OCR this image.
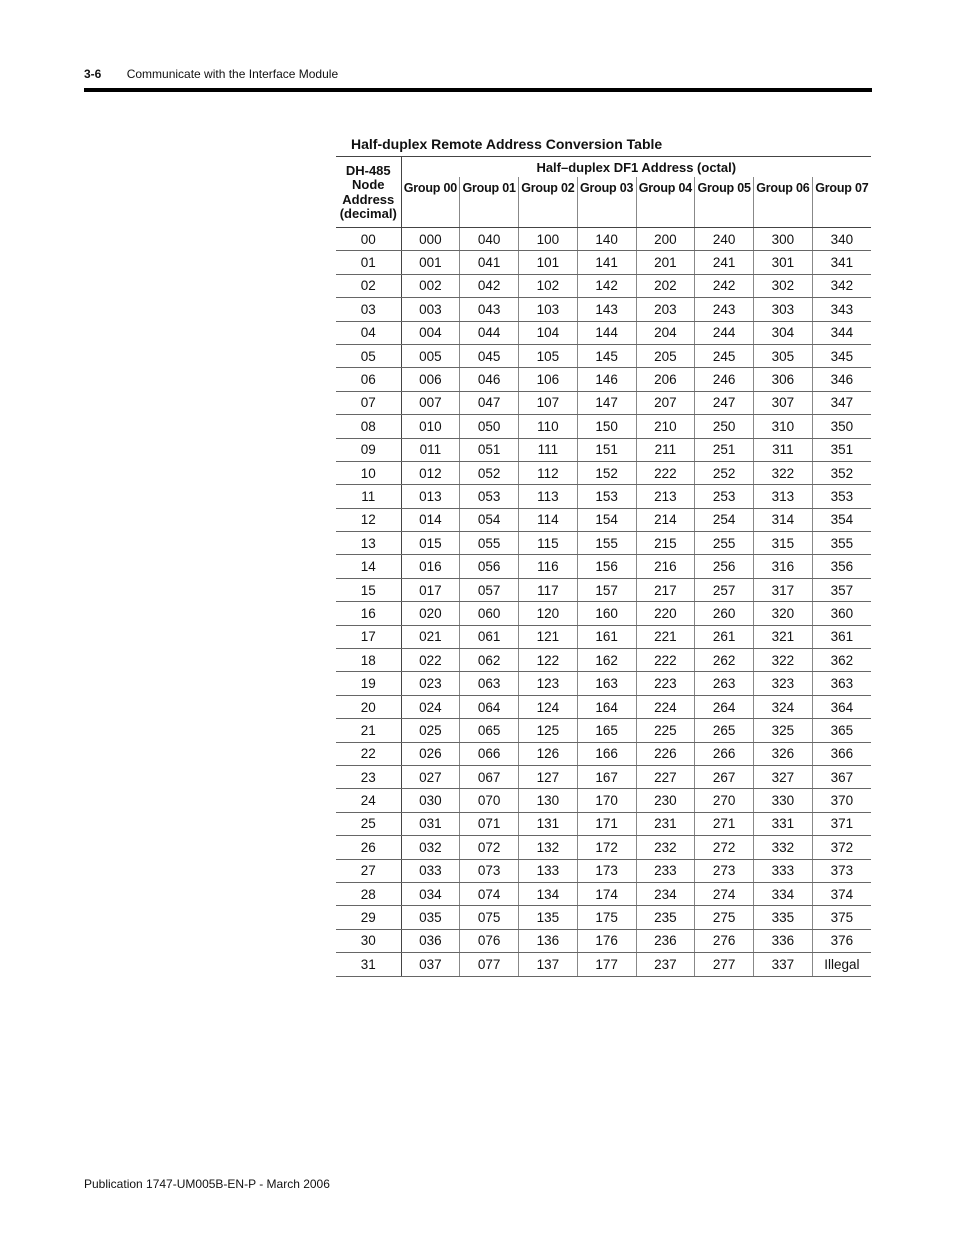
3-6 Communicate with the Interface Module
Half-duplex Remote Address Conversion Table
DH-485
Node
Address
(decimal)	Half–duplex DF1 Address (octal)							
	Group 00	Group 01	Group 02	Group 03	Group 04	Group 05	Group 06	Group 07
00	000	040	100	140	200	240	300	340
01	001	041	101	141	201	241	301	341
02	002	042	102	142	202	242	302	342
03	003	043	103	143	203	243	303	343
04	004	044	104	144	204	244	304	344
05	005	045	105	145	205	245	305	345
06	006	046	106	146	206	246	306	346
07	007	047	107	147	207	247	307	347
08	010	050	110	150	210	250	310	350
09	011	051	111	151	211	251	311	351
10	012	052	112	152	222	252	322	352
11	013	053	113	153	213	253	313	353
12	014	054	114	154	214	254	314	354
13	015	055	115	155	215	255	315	355
14	016	056	116	156	216	256	316	356
15	017	057	117	157	217	257	317	357
16	020	060	120	160	220	260	320	360
17	021	061	121	161	221	261	321	361
18	022	062	122	162	222	262	322	362
19	023	063	123	163	223	263	323	363
20	024	064	124	164	224	264	324	364
21	025	065	125	165	225	265	325	365
22	026	066	126	166	226	266	326	366
23	027	067	127	167	227	267	327	367
24	030	070	130	170	230	270	330	370
25	031	071	131	171	231	271	331	371
26	032	072	132	172	232	272	332	372
27	033	073	133	173	233	273	333	373
28	034	074	134	174	234	274	334	374
29	035	075	135	175	235	275	335	375
30	036	076	136	176	236	276	336	376
31	037	077	137	177	237	277	337	Illegal
Publication 1747-UM005B-EN-P - March 2006
